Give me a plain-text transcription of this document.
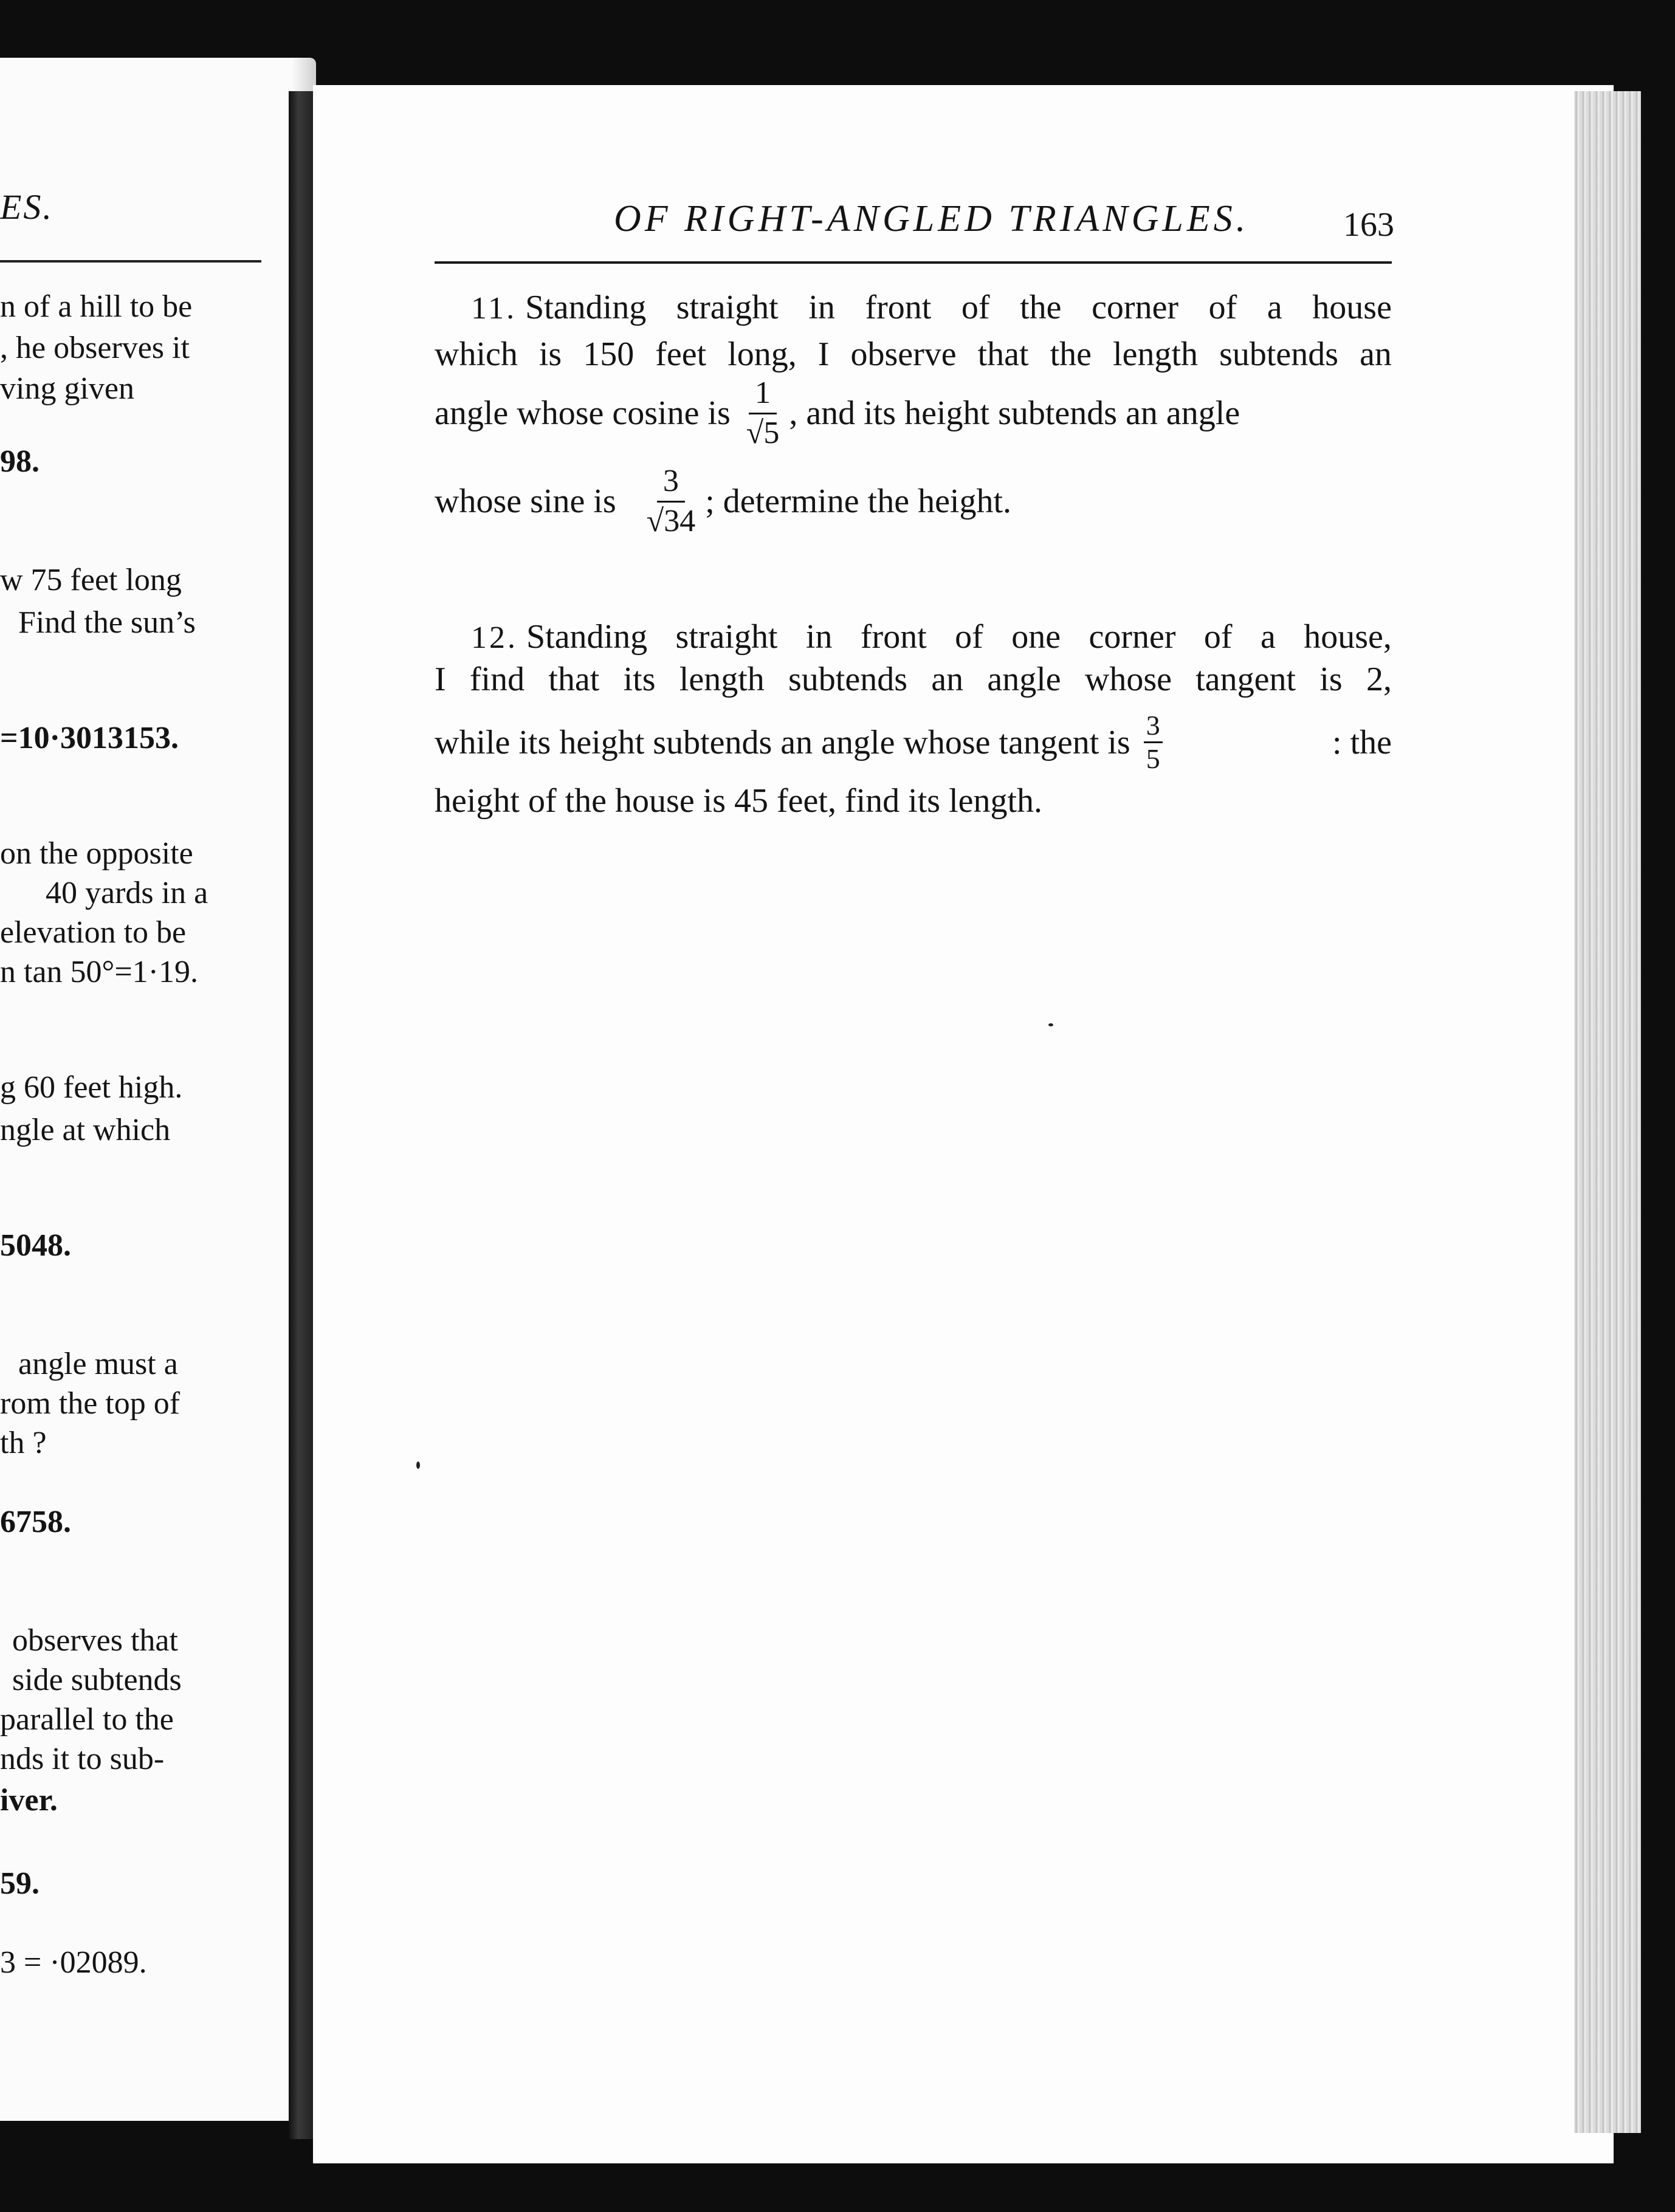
ES.
n of a hill to be
, he observes it
ving given
98.
w 75 feet long
Find the sun’s
=10·3013153.
on the opposite
40 yards in a
elevation to be
n tan 50°=1·19.
g 60 feet high.
ngle at which
5048.
angle must a
rom the top of
th ?
6758.
observes that
side subtends
parallel to the
nds it to sub-
iver.
59.
3 = ·02089.
OF RIGHT-ANGLED TRIANGLES.	163
11. Standing straight in front of the corner of a house
which is 150 feet long, I observe that the length subtends an
angle whose cosine is $\frac{1}{√5}$ , and its height subtends an angle
whose sine is $\frac{3}{√34}$ ; determine the height.
12. Standing straight in front of one corner of a house,
I find that its length subtends an angle whose tangent is 2,
while its height subtends an angle whose tangent is $\frac{3}{5}$	: the
height of the house is 45 feet, find its length.
